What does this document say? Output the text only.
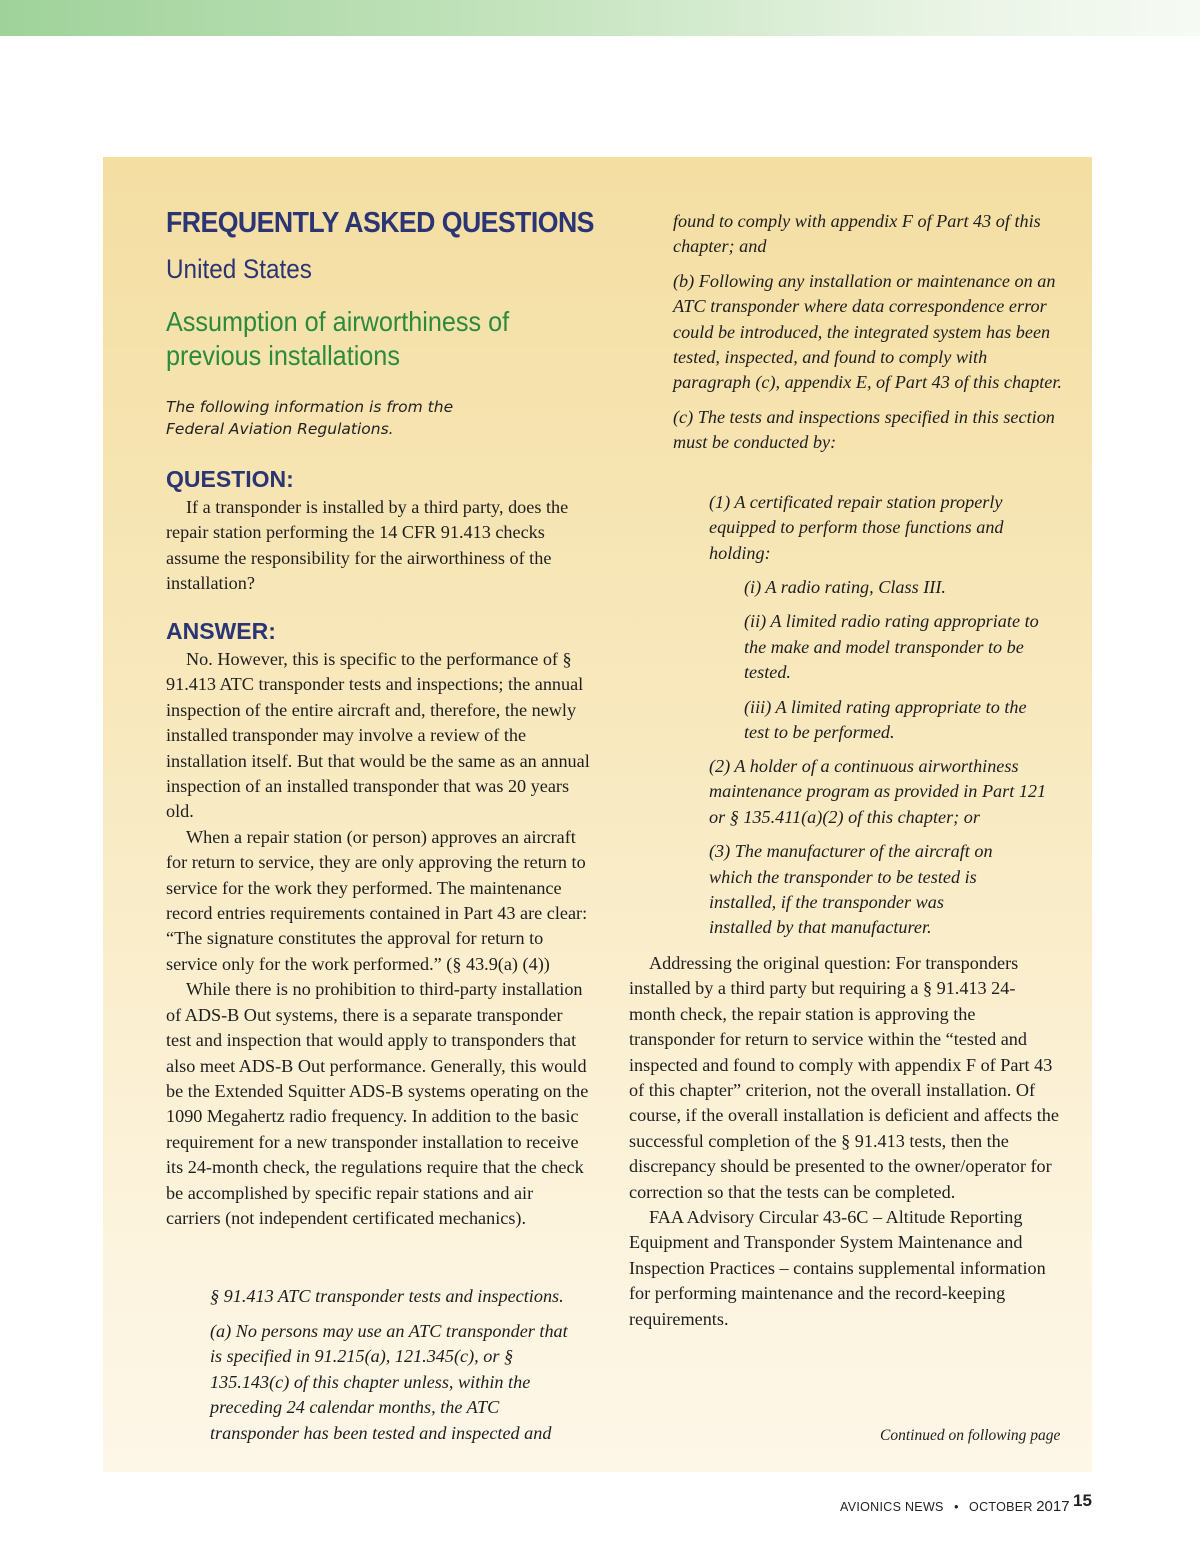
FREQUENTLY ASKED QUESTIONS
United States
Assumption of airworthiness of
previous installations
The following information is from the
Federal Aviation Regulations.
QUESTION:

If a transponder is installed by a third party, does the repair station performing the 14 CFR 91.413 checks assume the responsibility for the airworthiness of the installation?

ANSWER:

No. However, this is specific to the performance of § 91.413 ATC transponder tests and inspections; the annual inspection of the entire aircraft and, therefore, the newly installed transponder may involve a review of the installation itself. But that would be the same as an annual inspection of an installed transponder that was 20 years old.

When a repair station (or person) approves an aircraft for return to service, they are only approving the return to service for the work they performed. The maintenance record entries requirements contained in Part 43 are clear: “The signature constitutes the approval for return to service only for the work performed.” (§ 43.9(a) (4))

While there is no prohibition to third-party installation of ADS-B Out systems, there is a separate transponder test and inspection that would apply to transponders that also meet ADS-B Out performance. Generally, this would be the Extended Squitter ADS-B systems operating on the 1090 Megahertz radio frequency. In addition to the basic requirement for a new transponder installation to receive its 24-month check, the regulations require that the check be accomplished by specific repair stations and air carriers (not independent certificated mechanics).

§ 91.413 ATC transponder tests and inspections.

(a) No persons may use an ATC transponder that is specified in 91.215(a), 121.345(c), or § 135.143(c) of this chapter unless, within the preceding 24 calendar months, the ATC transponder has been tested and inspected and

found to comply with appendix F of Part 43 of this chapter; and

(b) Following any installation or maintenance on an ATC transponder where data correspondence error could be introduced, the integrated system has been tested, inspected, and found to comply with paragraph (c), appendix E, of Part 43 of this chapter.

(c) The tests and inspections specified in this section must be conducted by:

(1) A certificated repair station properly equipped to perform those functions and holding:

(i) A radio rating, Class III.

(ii) A limited radio rating appropriate to the make and model transponder to be tested.

(iii) A limited rating appropriate to the test to be performed.

(2) A holder of a continuous airworthiness maintenance program as provided in Part 121 or § 135.411(a)(2) of this chapter; or

(3) The manufacturer of the aircraft on which the transponder to be tested is installed, if the transponder was installed by that manufacturer.

Addressing the original question: For transponders installed by a third party but requiring a § 91.413 24-month check, the repair station is approving the transponder for return to service within the “tested and inspected and found to comply with appendix F of Part 43 of this chapter” criterion, not the overall installation. Of course, if the overall installation is deficient and affects the successful completion of the § 91.413 tests, then the discrepancy should be presented to the owner/operator for correction so that the tests can be completed.

FAA Advisory Circular 43-6C – Altitude Reporting Equipment and Transponder System Maintenance and Inspection Practices – contains supplemental information for performing maintenance and the record-keeping requirements.

Continued on following page
AVIONICS NEWS • OCTOBER 2017 15
